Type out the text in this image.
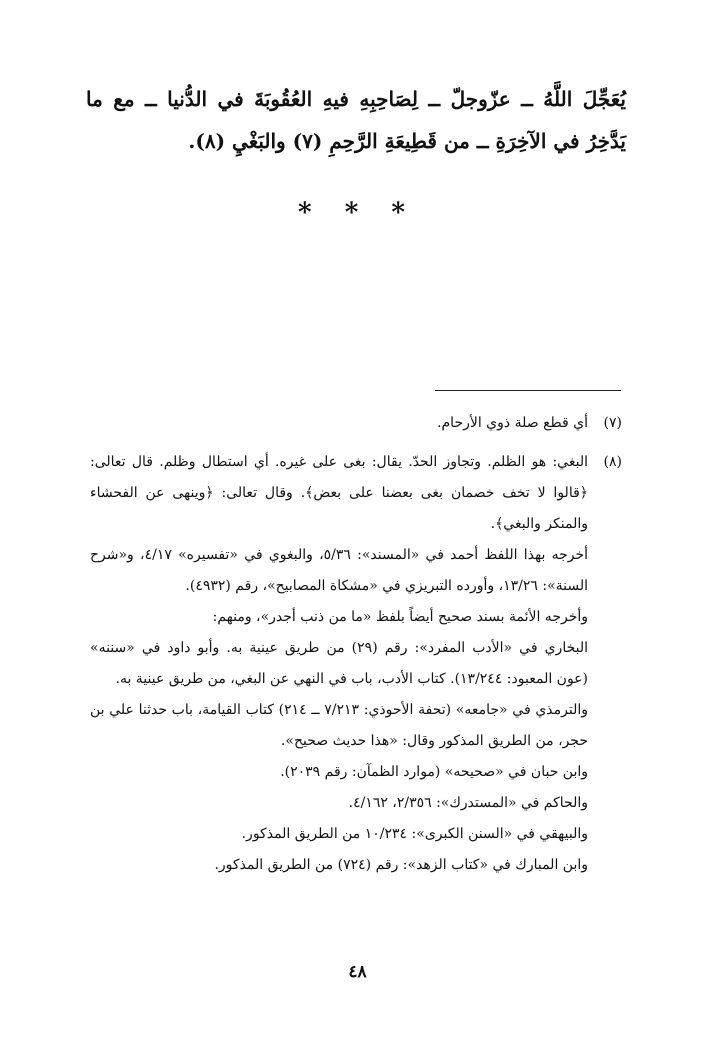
يُعَجِّلَ اللَّهُ ــ عزّوجلّ ــ لِصَاحِبِهِ فيهِ العُقُوبَةَ في الدُّنيا ــ مع ما يَدَّخِرُ في الآخِرَةِ ــ من قَطِيعَةِ الرَّحِمِ (٧) والبَغْيِ (٨).
* * *
(٧)

أي قطع صلة ذوي الأرحام.

(٨)

البغي: هو الظلم. وتجاوز الحدّ. يقال: بغى على غيره. أي استطال وظلم. قال تعالى: ﴿قالوا لا تخف خصمان بغى بعضنا على بعض﴾. وقال تعالى: ﴿وينهى عن الفحشاء والمنكر والبغي﴾.

أخرجه بهذا اللفظ أحمد في «المسند»: ٥/٣٦، والبغوي في «تفسيره» ٤/١٧، و«شرح السنة»: ١٣/٢٦، وأورده التبريزي في «مشكاة المصابيح»، رقم (٤٩٣٢).

وأخرجه الأئمة بسند صحيح أيضاً بلفظ «ما من ذنب أجدر»، ومنهم:

البخاري في «الأدب المفرد»: رقم (٢٩) من طريق عينية به. وأبو داود في «سننه» (عون المعبود: ١٣/٢٤٤). كتاب الأدب، باب في النهي عن البغي، من طريق عينية به.

والترمذي في «جامعه» (تحفة الأحوذي: ٧/٢١٣ ــ ٢١٤) كتاب القيامة، باب حدثنا علي بن حجر، من الطريق المذكور وقال: «هذا حديث صحيح».

وابن حبان في «صحيحه» (موارد الظمآن: رقم ٢٠٣٩).

والحاكم في «المستدرك»: ٢/٣٥٦، ٤/١٦٢.

والبيهقي في «السنن الكبرى»: ١٠/٢٣٤ من الطريق المذكور.

وابن المبارك في «كتاب الزهد»: رقم (٧٢٤) من الطريق المذكور.

٤٨
